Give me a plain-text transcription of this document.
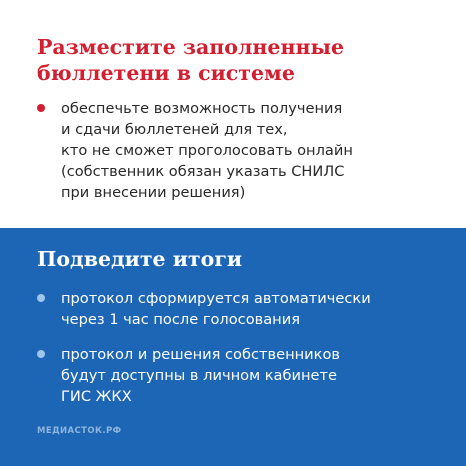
Разместите заполненные
бюллетени в системе
обеспечьте возможность получения
и сдачи бюллетеней для тех,
кто не сможет проголосовать онлайн
(собственник обязан указать СНИЛС
при внесении решения)
Подведите итоги
протокол сформируется автоматически
через 1 час после голосования
протокол и решения собственников
будут доступны в личном кабинете
ГИС ЖКХ
МЕДИАСТОК.РФ
